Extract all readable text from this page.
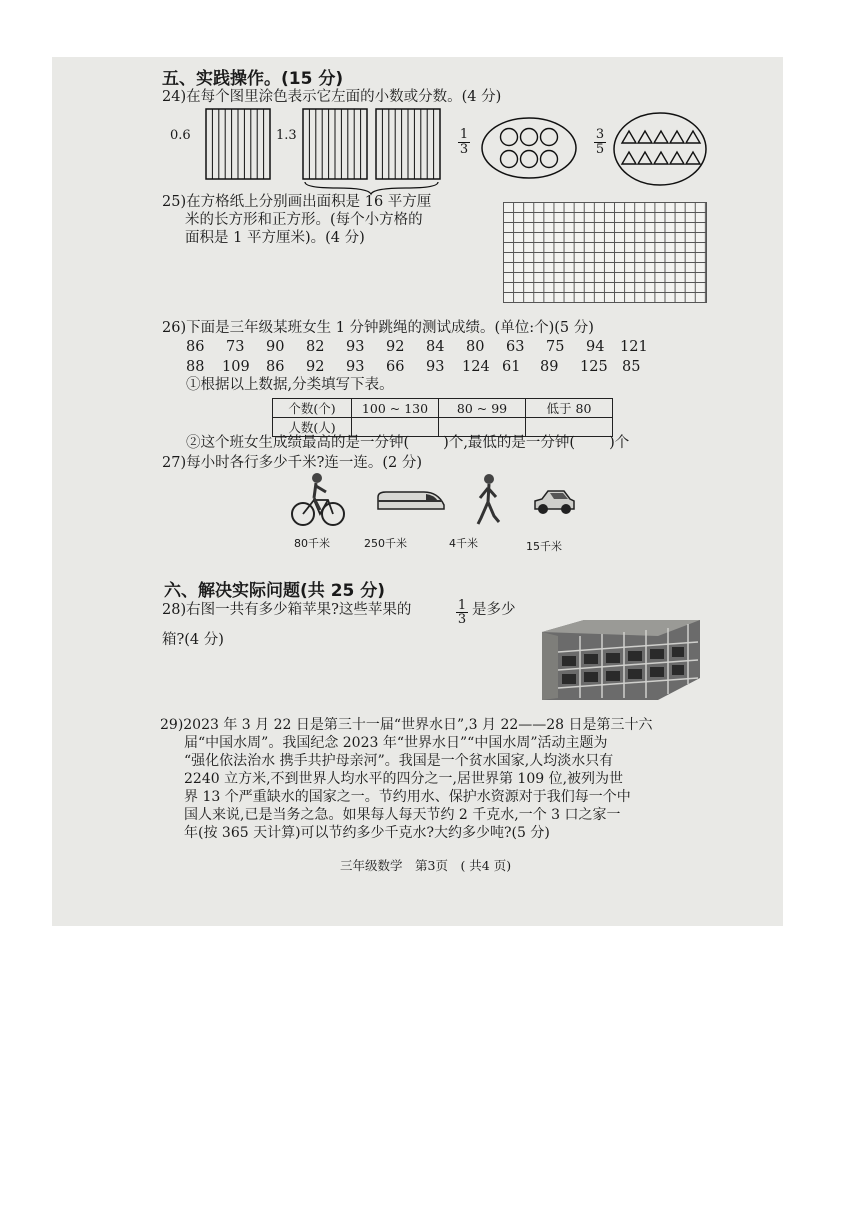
五、实践操作。(15 分)
24)在每个图里涂色表示它左面的小数或分数。(4 分)
0.6	1.3	$\frac{1}{3}$	$\frac{3}{5}$
25)在方格纸上分别画出面积是 16 平方厘
米的长方形和正方形。(每个小方格的
面积是 1 平方厘米)。(4 分)
26)下面是三年级某班女生 1 分钟跳绳的测试成绩。(单位:个)(5 分)
86 73 90 82 93 92 84 80 63 75 94 121
88 109 86 92 93 66 93 124 61 89 125 85
①根据以上数据,分类填写下表。
个数(个)	100 ~ 130	80 ~ 99	低于 80
人数(人)			
②这个班女生成绩最高的是一分钟( )个,最低的是一分钟( )个
27)每小时各行多少千米?连一连。(2 分)
80千米	250千米	4千米	15千米
六、解决实际问题(共 25 分)
28)右图一共有多少箱苹果?这些苹果的	$\frac{1}{3}$ 是多少
箱?(4 分)
29)2023 年 3 月 22 日是第三十一届“世界水日”,3 月 22——28 日是第三十六
届“中国水周”。我国纪念 2023 年“世界水日”“中国水周”活动主题为
“强化依法治水 携手共护母亲河”。我国是一个贫水国家,人均淡水只有
2240 立方米,不到世界人均水平的四分之一,居世界第 109 位,被列为世
界 13 个严重缺水的国家之一。节约用水、保护水资源对于我们每一个中
国人来说,已是当务之急。如果每人每天节约 2 千克水,一个 3 口之家一
年(按 365 天计算)可以节约多少千克水?大约多少吨?(5 分)
三年级数学　第3页　( 共4 页)
